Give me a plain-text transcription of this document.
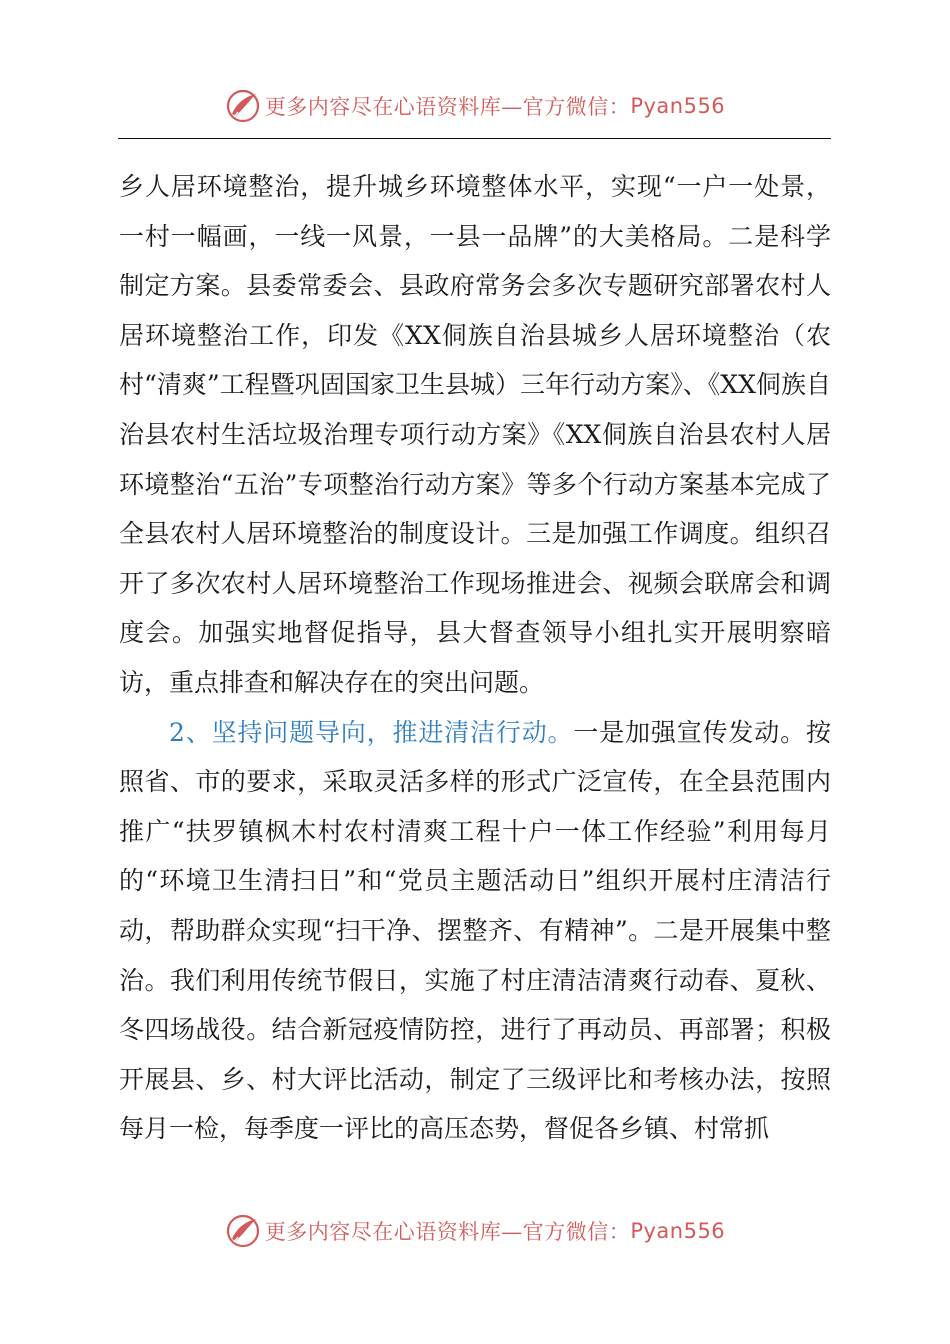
更多内容尽在心语资料库—官方微信： Pyan556

乡人居环境整治，提升城乡环境整体水平，实现“一户一处景，一村一幅画，一线一风景，一县一品牌”的大美格局。二是科学制定方案。县委常委会、县政府常务会多次专题研究部署农村人居环境整治工作，印发《XX侗族自治县城乡人居环境整治（农村“清爽”工程暨巩固国家卫生县城）三年行动方案》、《XX侗族自治县农村生活垃圾治理专项行动方案》《XX侗族自治县农村人居环境整治“五治”专项整治行动方案》等多个行动方案基本完成了全县农村人居环境整治的制度设计。三是加强工作调度。组织召开了多次农村人居环境整治工作现场推进会、视频会联席会和调度会。加强实地督促指导，县大督查领导小组扎实开展明察暗访，重点排查和解决存在的突出问题。

2、坚持问题导向，推进清洁行动。一是加强宣传发动。按照省、市的要求，采取灵活多样的形式广泛宣传，在全县范围内推广“扶罗镇枫木村农村清爽工程十户一体工作经验”利用每月的“环境卫生清扫日”和“党员主题活动日”组织开展村庄清洁行动，帮助群众实现“扫干净、摆整齐、有精神”。二是开展集中整治。我们利用传统节假日，实施了村庄清洁清爽行动春、夏秋、冬四场战役。结合新冠疫情防控，进行了再动员、再部署；积极开展县、乡、村大评比活动，制定了三级评比和考核办法，按照每月一检，每季度一评比的高压态势，督促各乡镇、村常抓

更多内容尽在心语资料库—官方微信： Pyan556
